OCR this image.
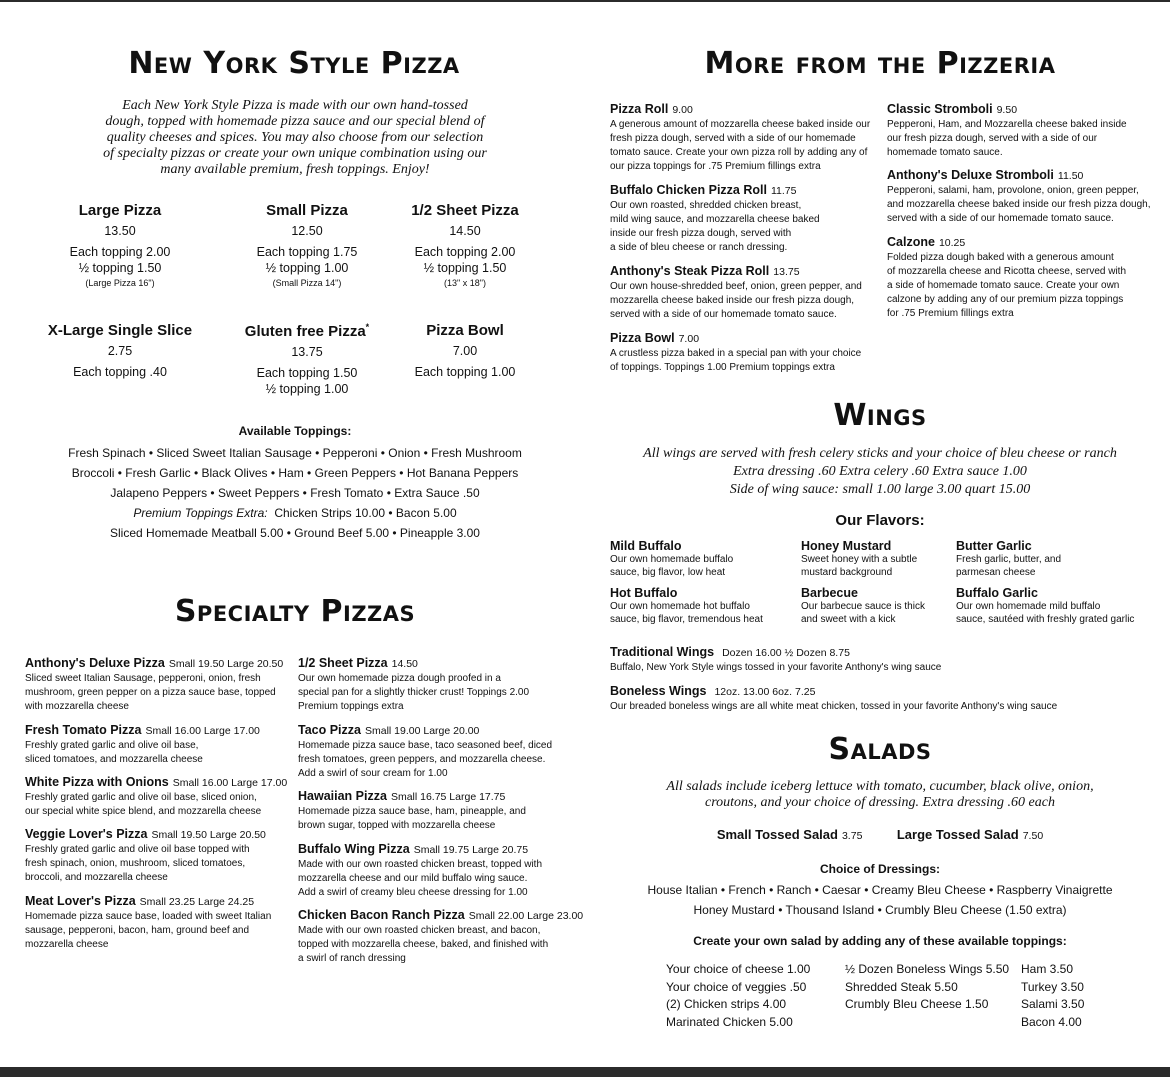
New York Style Pizza
Each New York Style Pizza is made with our own hand-tossed
dough, topped with homemade pizza sauce and our special blend of
quality cheeses and spices. You may also choose from our selection
of specialty pizzas or create your own unique combination using our
many available premium, fresh toppings. Enjoy!
Large Pizza
13.50
Each topping 2.00
½ topping 1.50
(Large Pizza 16")
Small Pizza
12.50
Each topping 1.75
½ topping 1.00
(Small Pizza 14")
1/2 Sheet Pizza
14.50
Each topping 2.00
½ topping 1.50
(13" x 18")
X-Large Single Slice
2.75
Each topping .40
Gluten free Pizza*
13.75
Each topping 1.50
½ topping 1.00
Pizza Bowl
7.00
Each topping 1.00
Available Toppings:
Fresh Spinach • Sliced Sweet Italian Sausage • Pepperoni • Onion • Fresh Mushroom
Broccoli • Fresh Garlic • Black Olives • Ham • Green Peppers • Hot Banana Peppers
Jalapeno Peppers • Sweet Peppers • Fresh Tomato • Extra Sauce .50
Premium Toppings Extra: Chicken Strips 10.00 • Bacon 5.00
Sliced Homemade Meatball 5.00 • Ground Beef 5.00 • Pineapple 3.00
Specialty Pizzas
Anthony's Deluxe Pizza Small 19.50 Large 20.50
Sliced sweet Italian Sausage, pepperoni, onion, fresh
mushroom, green pepper on a pizza sauce base, topped
with mozzarella cheese
Fresh Tomato Pizza Small 16.00 Large 17.00
Freshly grated garlic and olive oil base,
sliced tomatoes, and mozzarella cheese
White Pizza with Onions Small 16.00 Large 17.00
Freshly grated garlic and olive oil base, sliced onion,
our special white spice blend, and mozzarella cheese
Veggie Lover's Pizza Small 19.50 Large 20.50
Freshly grated garlic and olive oil base topped with
fresh spinach, onion, mushroom, sliced tomatoes,
broccoli, and mozzarella cheese
Meat Lover's Pizza Small 23.25 Large 24.25
Homemade pizza sauce base, loaded with sweet Italian
sausage, pepperoni, bacon, ham, ground beef and
mozzarella cheese
1/2 Sheet Pizza 14.50
Our own homemade pizza dough proofed in a
special pan for a slightly thicker crust! Toppings 2.00
Premium toppings extra
Taco Pizza Small 19.00 Large 20.00
Homemade pizza sauce base, taco seasoned beef, diced
fresh tomatoes, green peppers, and mozzarella cheese.
Add a swirl of sour cream for 1.00
Hawaiian Pizza Small 16.75 Large 17.75
Homemade pizza sauce base, ham, pineapple, and
brown sugar, topped with mozzarella cheese
Buffalo Wing Pizza Small 19.75 Large 20.75
Made with our own roasted chicken breast, topped with
mozzarella cheese and our mild buffalo wing sauce.
Add a swirl of creamy bleu cheese dressing for 1.00
Chicken Bacon Ranch Pizza Small 22.00 Large 23.00
Made with our own roasted chicken breast, and bacon,
topped with mozzarella cheese, baked, and finished with
a swirl of ranch dressing
More from the Pizzeria
Pizza Roll 9.00
A generous amount of mozzarella cheese baked inside our
fresh pizza dough, served with a side of our homemade
tomato sauce. Create your own pizza roll by adding any of
our pizza toppings for .75 Premium fillings extra
Buffalo Chicken Pizza Roll 11.75
Our own roasted, shredded chicken breast,
mild wing sauce, and mozzarella cheese baked
inside our fresh pizza dough, served with
a side of bleu cheese or ranch dressing.
Anthony's Steak Pizza Roll 13.75
Our own house-shredded beef, onion, green pepper, and
mozzarella cheese baked inside our fresh pizza dough,
served with a side of our homemade tomato sauce.
Pizza Bowl 7.00
A crustless pizza baked in a special pan with your choice
of toppings. Toppings 1.00 Premium toppings extra
Classic Stromboli 9.50
Pepperoni, Ham, and Mozzarella cheese baked inside
our fresh pizza dough, served with a side of our
homemade tomato sauce.
Anthony's Deluxe Stromboli 11.50
Pepperoni, salami, ham, provolone, onion, green pepper,
and mozzarella cheese baked inside our fresh pizza dough,
served with a side of our homemade tomato sauce.
Calzone 10.25
Folded pizza dough baked with a generous amount
of mozzarella cheese and Ricotta cheese, served with
a side of homemade tomato sauce. Create your own
calzone by adding any of our premium pizza toppings
for .75 Premium fillings extra
Wings
All wings are served with fresh celery sticks and your choice of bleu cheese or ranch
Extra dressing .60 Extra celery .60 Extra sauce 1.00
Side of wing sauce: small 1.00 large 3.00 quart 15.00
Our Flavors:
Mild Buffalo
Our own homemade buffalo
sauce, big flavor, low heat
Honey Mustard
Sweet honey with a subtle
mustard background
Butter Garlic
Fresh garlic, butter, and
parmesan cheese
Hot Buffalo
Our own homemade hot buffalo
sauce, big flavor, tremendous heat
Barbecue
Our barbecue sauce is thick
and sweet with a kick
Buffalo Garlic
Our own homemade mild buffalo
sauce, sautéed with freshly grated garlic
Traditional Wings Dozen 16.00 ½ Dozen 8.75
Buffalo, New York Style wings tossed in your favorite Anthony's wing sauce
Boneless Wings 12oz. 13.00 6oz. 7.25
Our breaded boneless wings are all white meat chicken, tossed in your favorite Anthony's wing sauce
Salads
All salads include iceberg lettuce with tomato, cucumber, black olive, onion,
croutons, and your choice of dressing. Extra dressing .60 each
Small Tossed Salad 3.75	Large Tossed Salad 7.50
Choice of Dressings:
House Italian • French • Ranch • Caesar • Creamy Bleu Cheese • Raspberry Vinaigrette
Honey Mustard • Thousand Island • Crumbly Bleu Cheese (1.50 extra)
Create your own salad by adding any of these available toppings:
Your choice of cheese 1.00
Your choice of veggies .50
(2) Chicken strips 4.00
Marinated Chicken 5.00
½ Dozen Boneless Wings 5.50
Shredded Steak 5.50
Crumbly Bleu Cheese 1.50
Ham 3.50
Turkey 3.50
Salami 3.50
Bacon 4.00
